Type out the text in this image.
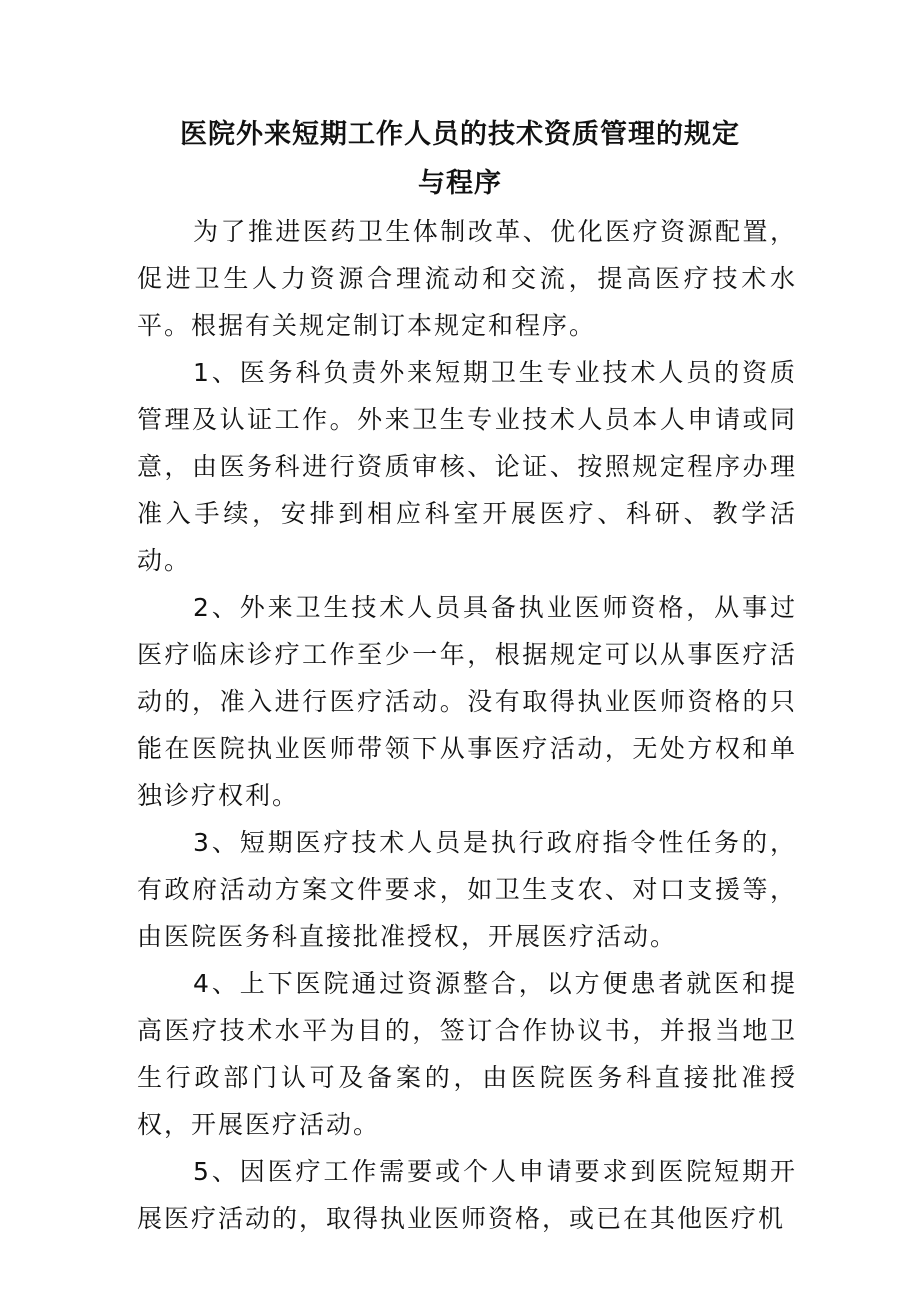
医院外来短期工作人员的技术资质管理的规定
与程序

为了推进医药卫生体制改革、优化医疗资源配置，促进卫生人力资源合理流动和交流，提高医疗技术水平。根据有关规定制订本规定和程序。

1、医务科负责外来短期卫生专业技术人员的资质管理及认证工作。外来卫生专业技术人员本人申请或同意，由医务科进行资质审核、论证、按照规定程序办理准入手续，安排到相应科室开展医疗、科研、教学活动。

2、外来卫生技术人员具备执业医师资格，从事过医疗临床诊疗工作至少一年，根据规定可以从事医疗活动的，准入进行医疗活动。没有取得执业医师资格的只能在医院执业医师带领下从事医疗活动，无处方权和单独诊疗权利。

3、短期医疗技术人员是执行政府指令性任务的，有政府活动方案文件要求，如卫生支农、对口支援等，由医院医务科直接批准授权，开展医疗活动。

4、上下医院通过资源整合，以方便患者就医和提高医疗技术水平为目的，签订合作协议书，并报当地卫生行政部门认可及备案的，由医院医务科直接批准授权，开展医疗活动。

5、因医疗工作需要或个人申请要求到医院短期开展医疗活动的，取得执业医师资格，或已在其他医疗机
